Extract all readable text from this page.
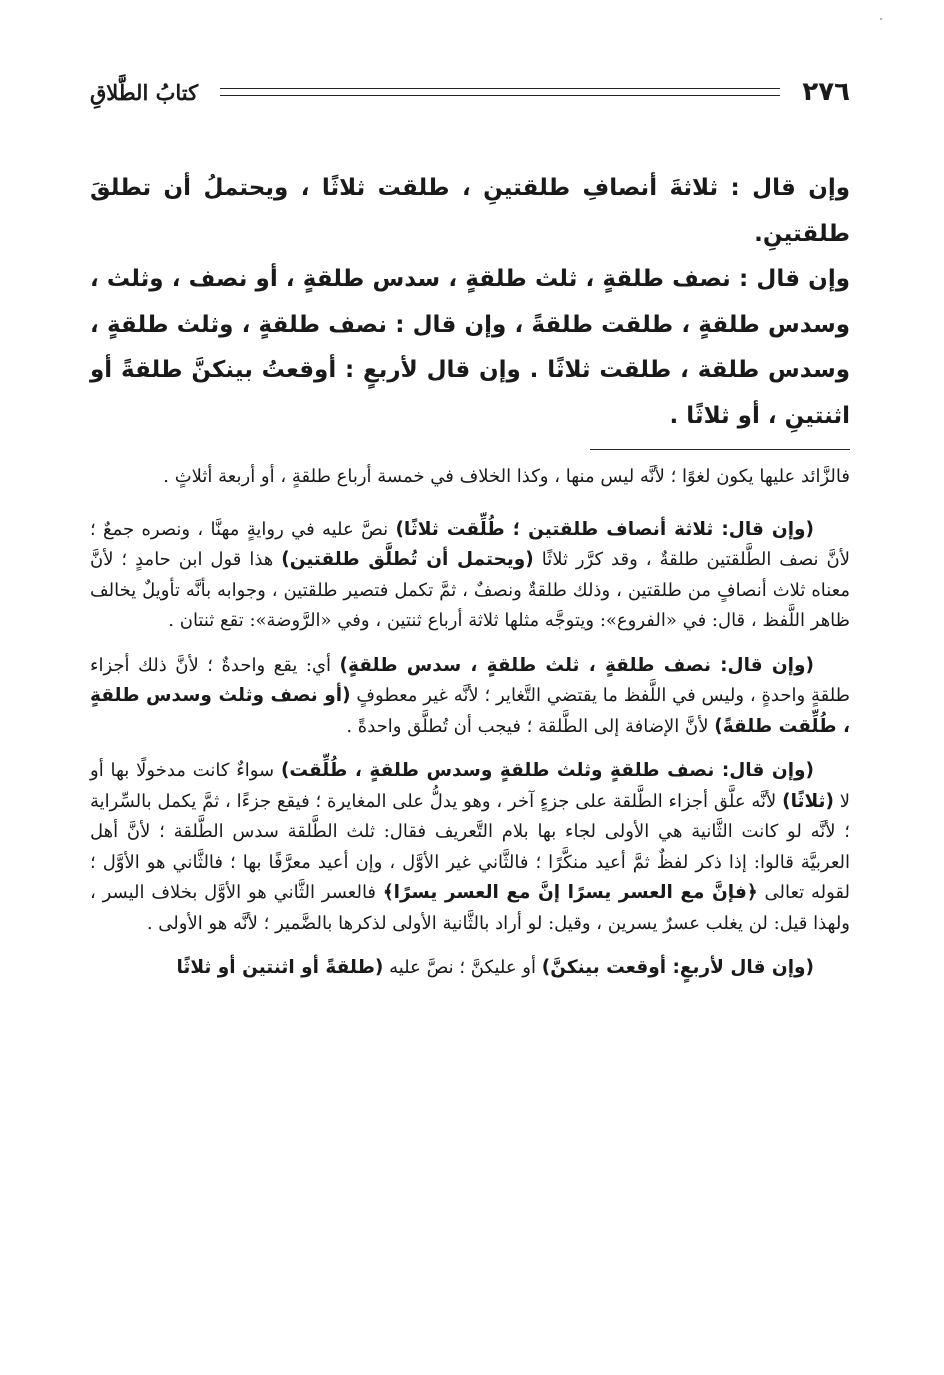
٢٧٦
كتابُ الطَّلاقِ

وإن قال : ثلاثةَ أنصافِ طلقتينِ ، طلقت ثلاثًا ، ويحتملُ أن تطلقَ طلقتينِ.

وإن قال : نصف طلقةٍ ، ثلث طلقةٍ ، سدس طلقةٍ ، أو نصف ، وثلث ، وسدس طلقةٍ ، طلقت طلقةً ، وإن قال : نصف طلقةٍ ، وثلث طلقةٍ ، وسدس طلقة ، طلقت ثلاثًا . وإن قال لأربعٍ : أوقعتُ بينكنَّ طلقةً أو اثنتينِ ، أو ثلاثًا .

فالزَّائد عليها يكون لغوًا ؛ لأنَّه ليس منها ، وكذا الخلاف في خمسة أرباع طلقةٍ ، أو أربعة أثلاثٍ .

(وإن قال: ثلاثة أنصاف طلقتين ؛ طُلِّقت ثلاثًا) نصَّ عليه في روايةٍ مهنَّا ، ونصره جمعٌ ؛ لأنَّ نصف الطَّلقتين طلقةٌ ، وقد كرَّر ثلاثًا (ويحتمل أن تُطلَّق طلقتين) هذا قول ابن حامدٍ ؛ لأنَّ معناه ثلاث أنصافٍ من طلقتين ، وذلك طلقةٌ ونصفٌ ، ثمَّ تكمل فتصير طلقتين ، وجوابه بأنَّه تأويلٌ يخالف ظاهر اللَّفظ ، قال: في «الفروع»: ويتوجَّه مثلها ثلاثة أرباع ثنتين ، وفي «الرَّوضة»: تقع ثنتان .

(وإن قال: نصف طلقةٍ ، ثلث طلقةٍ ، سدس طلقةٍ) أي: يقع واحدةٌ ؛ لأنَّ ذلك أجزاء طلقةٍ واحدةٍ ، وليس في اللَّفظ ما يقتضي التَّغاير ؛ لأنَّه غير معطوفٍ (أو نصف وثلث وسدس طلقةٍ ، طُلِّقت طلقةً) لأنَّ الإضافة إلى الطَّلقة ؛ فيجب أن تُطلَّق واحدةً .

(وإن قال: نصف طلقةٍ وثلث طلقةٍ وسدس طلقةٍ ، طُلِّقت) سواءٌ كانت مدخولًا بها أو لا (ثلاثًا) لأنَّه علَّق أجزاء الطَّلقة على جزءٍ آخر ، وهو يدلُّ على المغايرة ؛ فيقع جزءًا ، ثمَّ يكمل بالسِّراية ؛ لأنَّه لو كانت الثَّانية هي الأولى لجاء بها بلام التَّعريف فقال: ثلث الطَّلقة سدس الطَّلقة ؛ لأنَّ أهل العربيَّة قالوا: إذا ذكر لفظٌ ثمَّ أعيد منكَّرًا ؛ فالثَّاني غير الأوَّل ، وإن أعيد معرَّفًا بها ؛ فالثَّاني هو الأوَّل ؛ لقوله تعالى ﴿فإنَّ مع العسر يسرًا إنَّ مع العسر يسرًا﴾ فالعسر الثَّاني هو الأوَّل بخلاف اليسر ، ولهذا قيل: لن يغلب عسرٌ يسرين ، وقيل: لو أراد بالثَّانية الأولى لذكرها بالضَّمير ؛ لأنَّه هو الأولى .

(وإن قال لأربعٍ: أوقعت بينكنَّ) أو عليكنَّ ؛ نصَّ عليه (طلقةً أو اثنتين أو ثلاثًا
